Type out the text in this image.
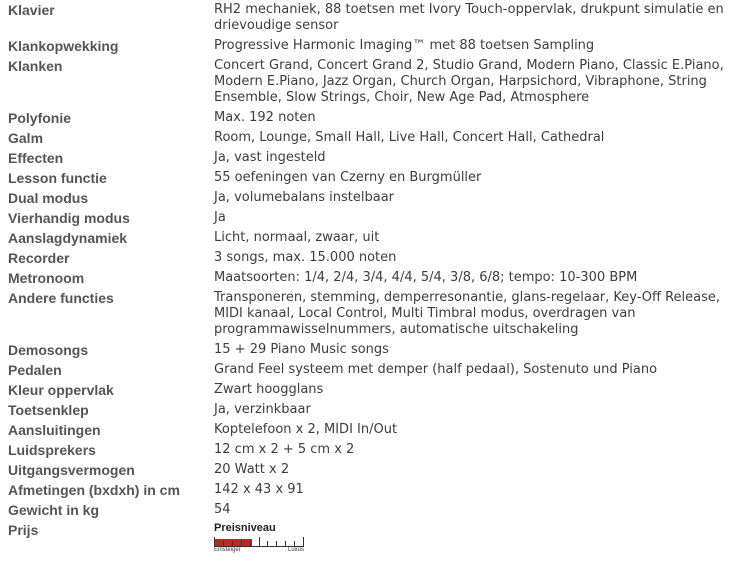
Klavier	RH2 mechaniek, 88 toetsen met Ivory Touch-oppervlak, drukpunt simulatie en drievoudige sensor
Klankopwekking	Progressive Harmonic Imaging™ met 88 toetsen Sampling
Klanken	Concert Grand, Concert Grand 2, Studio Grand, Modern Piano, Classic E.Piano, Modern E.Piano, Jazz Organ, Church Organ, Harpsichord, Vibraphone, String Ensemble, Slow Strings, Choir, New Age Pad, Atmosphere
Polyfonie	Max. 192 noten
Galm	Room, Lounge, Small Hall, Live Hall, Concert Hall, Cathedral
Effecten	Ja, vast ingesteld
Lesson functie	55 oefeningen van Czerny en Burgmüller
Dual modus	Ja, volumebalans instelbaar
Vierhandig modus	Ja
Aanslagdynamiek	Licht, normaal, zwaar, uit
Recorder	3 songs, max. 15.000 noten
Metronoom	Maatsoorten: 1/4, 2/4, 3/4, 4/4, 5/4, 3/8, 6/8; tempo: 10-300 BPM
Andere functies	Transponeren, stemming, demperresonantie, glans-regelaar, Key-Off Release, MIDI kanaal, Local Control, Multi Timbral modus, overdragen van programmawisselnummers, automatische uitschakeling
Demosongs	15 + 29 Piano Music songs
Pedalen	Grand Feel systeem met demper (half pedaal), Sostenuto und Piano
Kleur oppervlak	Zwart hoogglans
Toetsenklep	Ja, verzinkbaar
Aansluitingen	Koptelefoon x 2, MIDI In/Out
Luidsprekers	12 cm x 2 + 5 cm x 2
Uitgangsvermogen	20 Watt x 2
Afmetingen (bxdxh) in cm	142 x 43 x 91
Gewicht in kg	54
Prijs	Preisniveau
Einsteiger Luxus
